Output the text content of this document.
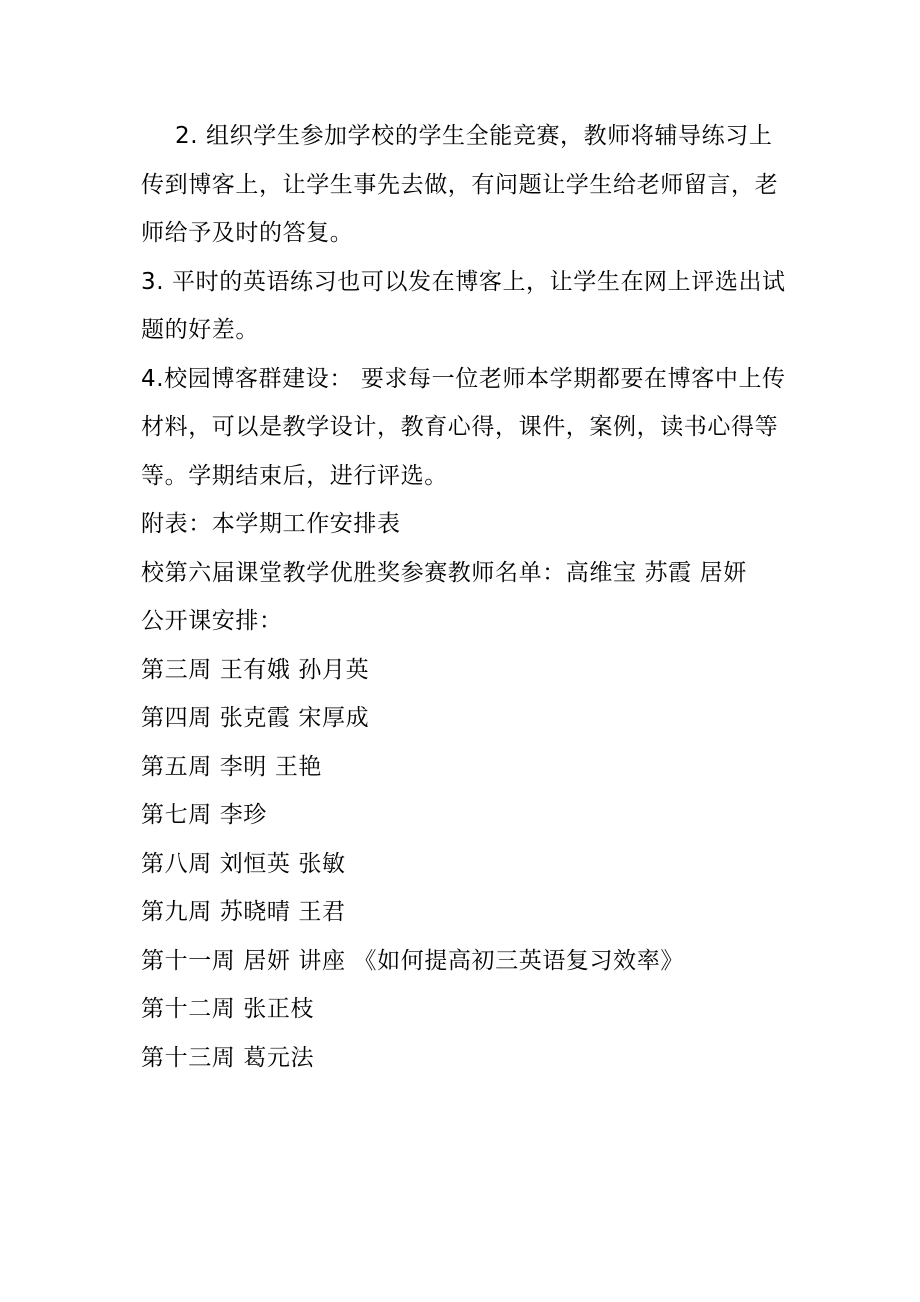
2. 组织学生参加学校的学生全能竞赛，教师将辅导练习上传到博客上，让学生事先去做，有问题让学生给老师留言，老师给予及时的答复。

3. 平时的英语练习也可以发在博客上，让学生在网上评选出试题的好差。

4.校园博客群建设： 要求每一位老师本学期都要在博客中上传材料，可以是教学设计，教育心得，课件，案例，读书心得等等。学期结束后，进行评选。

附表：本学期工作安排表

校第六届课堂教学优胜奖参赛教师名单：高维宝 苏霞 居妍

公开课安排：

第三周 王有娥 孙月英

第四周 张克霞 宋厚成

第五周 李明 王艳

第七周 李珍

第八周 刘恒英 张敏

第九周 苏晓晴 王君

第十一周 居妍 讲座 《如何提高初三英语复习效率》

第十二周 张正枝

第十三周 葛元法
